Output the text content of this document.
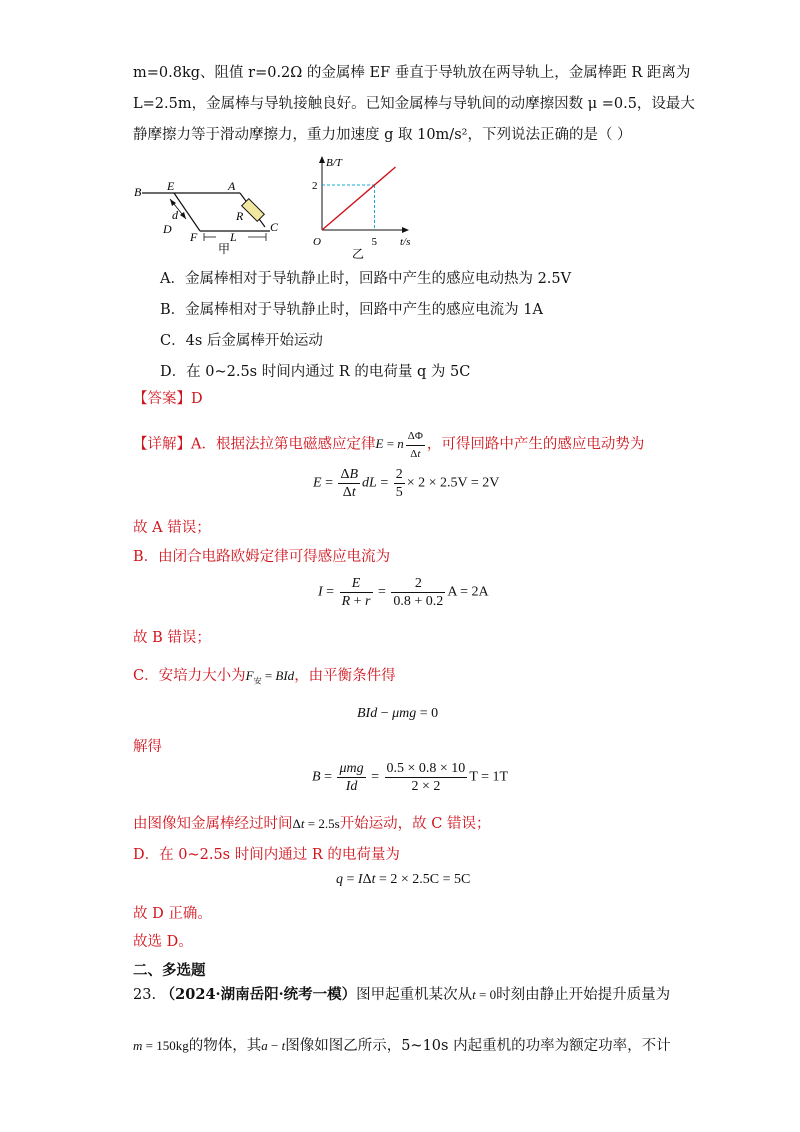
m=0.8kg、阻值 r=0.2Ω 的金属棒 EF 垂直于导轨放在两导轨上，金属棒距 R 距离为
L=2.5m，金属棒与导轨接触良好。已知金属棒与导轨间的动摩擦因数 μ =0.5，设最大
静摩擦力等于滑动摩擦力，重力加速度 g 取 10m/s²，下列说法正确的是（ ）
B E	A
R
d
D
F	L
C
甲
B/T
t/s
O
2
5
乙
A．金属棒相对于导轨静止时，回路中产生的感应电动热为 2.5V
B．金属棒相对于导轨静止时，回路中产生的感应电流为 1A
C．4s 后金属棒开始运动
D．在 0~2.5s 时间内通过 R 的电荷量 q 为 5C
【答案】D
【详解】A．根据法拉第电磁感应定律E = n $\frac{\Delta\Phi}{\Delta t}$ ，可得回路中产生的感应电动势为
$E = \frac{\Delta B}{\Delta t}$ dL = $\frac{2}{5} \times 2 \times 2.5V = 2V$
故 A 错误；
B．由闭合电路欧姆定律可得感应电流为
$I = \frac{E}{R + r} = \frac{2}{0.8 + 0.2}$ A = 2A
故 B 错误；
C．安培力大小为$F_安$ = BId，由平衡条件得
BId − μmg = 0
解得
$B = \frac{\text{μmg}}{Id} = \frac{0.5 \times 0.8 \times 10}{2 \times 2}$ T = 1T
由图像知金属棒经过时间Δt = 2.5s开始运动，故 C 错误；
D．在 0~2.5s 时间内通过 R 的电荷量为
q = IΔt = 2 × 2.5C = 5C
故 D 正确。
故选 D。
二、多选题
23. （2024·湖南岳阳·统考一模）图甲起重机某次从t = 0时刻由静止开始提升质量为
m = 150kg的物体，其a − t图像如图乙所示，5~10s 内起重机的功率为额定功率，不计
